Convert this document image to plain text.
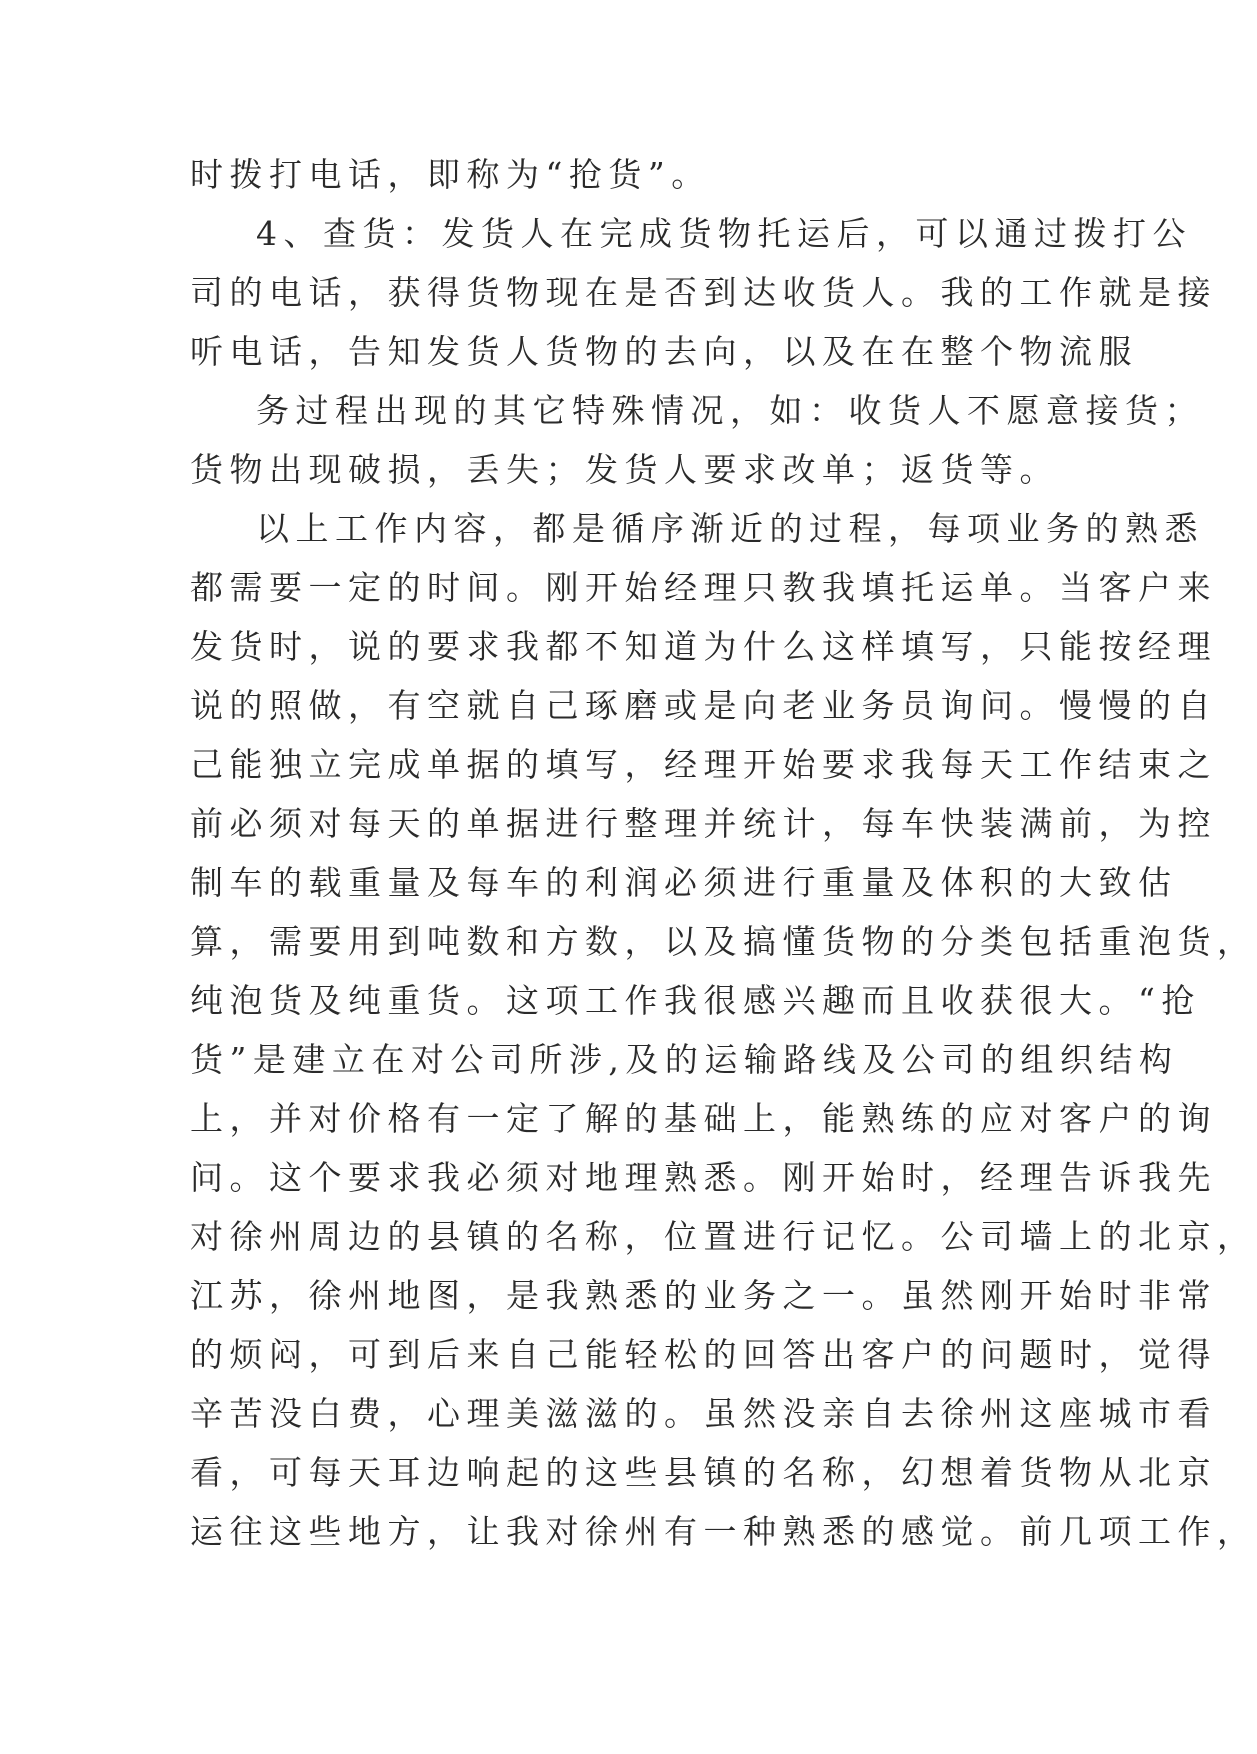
时拨打电话，即称为“抢货”。
4、查货：发货人在完成货物托运后，可以通过拨打公
司的电话，获得货物现在是否到达收货人。我的工作就是接
听电话，告知发货人货物的去向，以及在在整个物流服
务过程出现的其它特殊情况，如：收货人不愿意接货；
货物出现破损，丢失；发货人要求改单；返货等。
以上工作内容，都是循序渐近的过程，每项业务的熟悉
都需要一定的时间。刚开始经理只教我填托运单。当客户来
发货时，说的要求我都不知道为什么这样填写，只能按经理
说的照做，有空就自己琢磨或是向老业务员询问。慢慢的自
己能独立完成单据的填写，经理开始要求我每天工作结束之
前必须对每天的单据进行整理并统计，每车快装满前，为控
制车的载重量及每车的利润必须进行重量及体积的大致估
算，需要用到吨数和方数，以及搞懂货物的分类包括重泡货，
纯泡货及纯重货。这项工作我很感兴趣而且收获很大。“抢
货”是建立在对公司所涉,及的运输路线及公司的组织结构
上，并对价格有一定了解的基础上，能熟练的应对客户的询
问。这个要求我必须对地理熟悉。刚开始时，经理告诉我先
对徐州周边的县镇的名称，位置进行记忆。公司墙上的北京，
江苏，徐州地图，是我熟悉的业务之一。虽然刚开始时非常
的烦闷，可到后来自己能轻松的回答出客户的问题时，觉得
辛苦没白费，心理美滋滋的。虽然没亲自去徐州这座城市看
看，可每天耳边响起的这些县镇的名称，幻想着货物从北京
运往这些地方，让我对徐州有一种熟悉的感觉。前几项工作，
